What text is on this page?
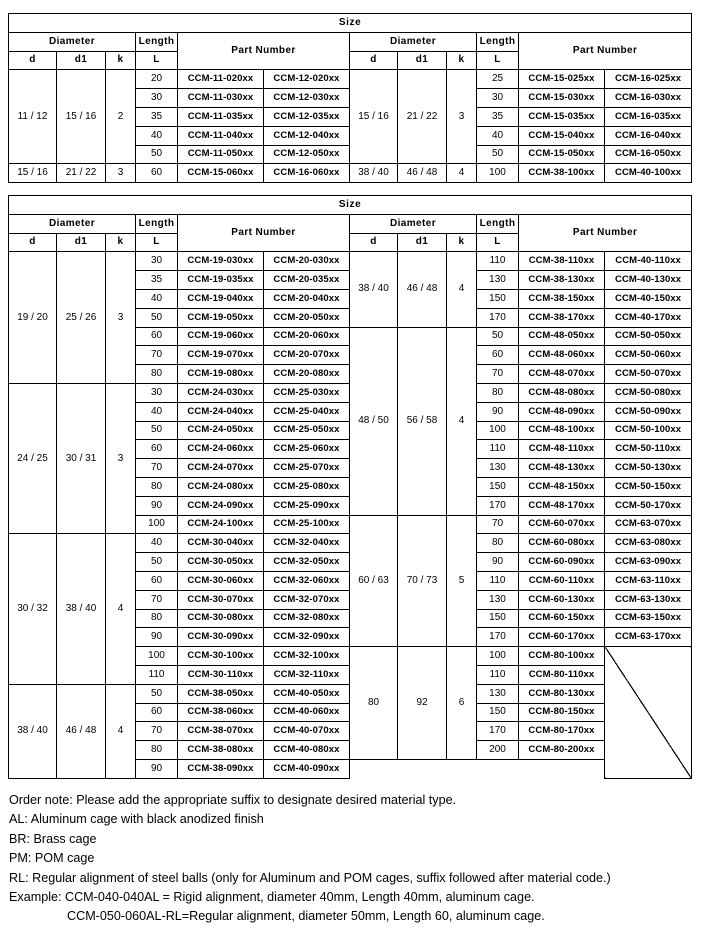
Size											
Diameter			Length	Part Number		Diameter			Length	Part Number	
d	d1	k	L			d	d1	k	L		
11 / 12	15 / 16	2	20	CCM-11-020xx	CCM-12-020xx	15 / 16	21 / 22	3	25	CCM-15-025xx	CCM-16-025xx
			30	CCM-11-030xx	CCM-12-030xx				30	CCM-15-030xx	CCM-16-030xx
			35	CCM-11-035xx	CCM-12-035xx				35	CCM-15-035xx	CCM-16-035xx
			40	CCM-11-040xx	CCM-12-040xx				40	CCM-15-040xx	CCM-16-040xx
			50	CCM-11-050xx	CCM-12-050xx				50	CCM-15-050xx	CCM-16-050xx
15 / 16	21 / 22	3	60	CCM-15-060xx	CCM-16-060xx	38 / 40	46 / 48	4	100	CCM-38-100xx	CCM-40-100xx
Size											
Diameter			Length	Part Number		Diameter			Length	Part Number	
d	d1	k	L			d	d1	k	L		
19 / 20	25 / 26	3	30	CCM-19-030xx	CCM-20-030xx	38 / 40	46 / 48	4	110	CCM-38-110xx	CCM-40-110xx
			35	CCM-19-035xx	CCM-20-035xx				130	CCM-38-130xx	CCM-40-130xx
			40	CCM-19-040xx	CCM-20-040xx				150	CCM-38-150xx	CCM-40-150xx
			50	CCM-19-050xx	CCM-20-050xx				170	CCM-38-170xx	CCM-40-170xx
			60	CCM-19-060xx	CCM-20-060xx	48 / 50	56 / 58	4	50	CCM-48-050xx	CCM-50-050xx
			70	CCM-19-070xx	CCM-20-070xx				60	CCM-48-060xx	CCM-50-060xx
			80	CCM-19-080xx	CCM-20-080xx				70	CCM-48-070xx	CCM-50-070xx
24 / 25	30 / 31	3	30	CCM-24-030xx	CCM-25-030xx				80	CCM-48-080xx	CCM-50-080xx
			40	CCM-24-040xx	CCM-25-040xx				90	CCM-48-090xx	CCM-50-090xx
			50	CCM-24-050xx	CCM-25-050xx				100	CCM-48-100xx	CCM-50-100xx
			60	CCM-24-060xx	CCM-25-060xx				110	CCM-48-110xx	CCM-50-110xx
			70	CCM-24-070xx	CCM-25-070xx				130	CCM-48-130xx	CCM-50-130xx
			80	CCM-24-080xx	CCM-25-080xx				150	CCM-48-150xx	CCM-50-150xx
			90	CCM-24-090xx	CCM-25-090xx				170	CCM-48-170xx	CCM-50-170xx
			100	CCM-24-100xx	CCM-25-100xx	60 / 63	70 / 73	5	70	CCM-60-070xx	CCM-63-070xx
30 / 32	38 / 40	4	40	CCM-30-040xx	CCM-32-040xx				80	CCM-60-080xx	CCM-63-080xx
			50	CCM-30-050xx	CCM-32-050xx				90	CCM-60-090xx	CCM-63-090xx
			60	CCM-30-060xx	CCM-32-060xx				110	CCM-60-110xx	CCM-63-110xx
			70	CCM-30-070xx	CCM-32-070xx				130	CCM-60-130xx	CCM-63-130xx
			80	CCM-30-080xx	CCM-32-080xx				150	CCM-60-150xx	CCM-63-150xx
			90	CCM-30-090xx	CCM-32-090xx				170	CCM-60-170xx	CCM-63-170xx
			100	CCM-30-100xx	CCM-32-100xx	80	92	6	100	CCM-80-100xx	
			110	CCM-30-110xx	CCM-32-110xx				110	CCM-80-110xx	
38 / 40	46 / 48	4	50	CCM-38-050xx	CCM-40-050xx				130	CCM-80-130xx	
			60	CCM-38-060xx	CCM-40-060xx				150	CCM-80-150xx	
			70	CCM-38-070xx	CCM-40-070xx				170	CCM-80-170xx	
			80	CCM-38-080xx	CCM-40-080xx				200	CCM-80-200xx	
			90	CCM-38-090xx	CCM-40-090xx						
Order note: Please add the appropriate suffix to designate desired material type.
AL: Aluminum cage with black anodized finish
BR: Brass cage
PM: POM cage
RL: Regular alignment of steel balls (only for Aluminum and POM cages, suffix followed after material code.)
Example: CCM-040-040AL = Rigid alignment, diameter 40mm, Length 40mm, aluminum cage.
CCM-050-060AL-RL=Regular alignment, diameter 50mm, Length 60, aluminum cage.
